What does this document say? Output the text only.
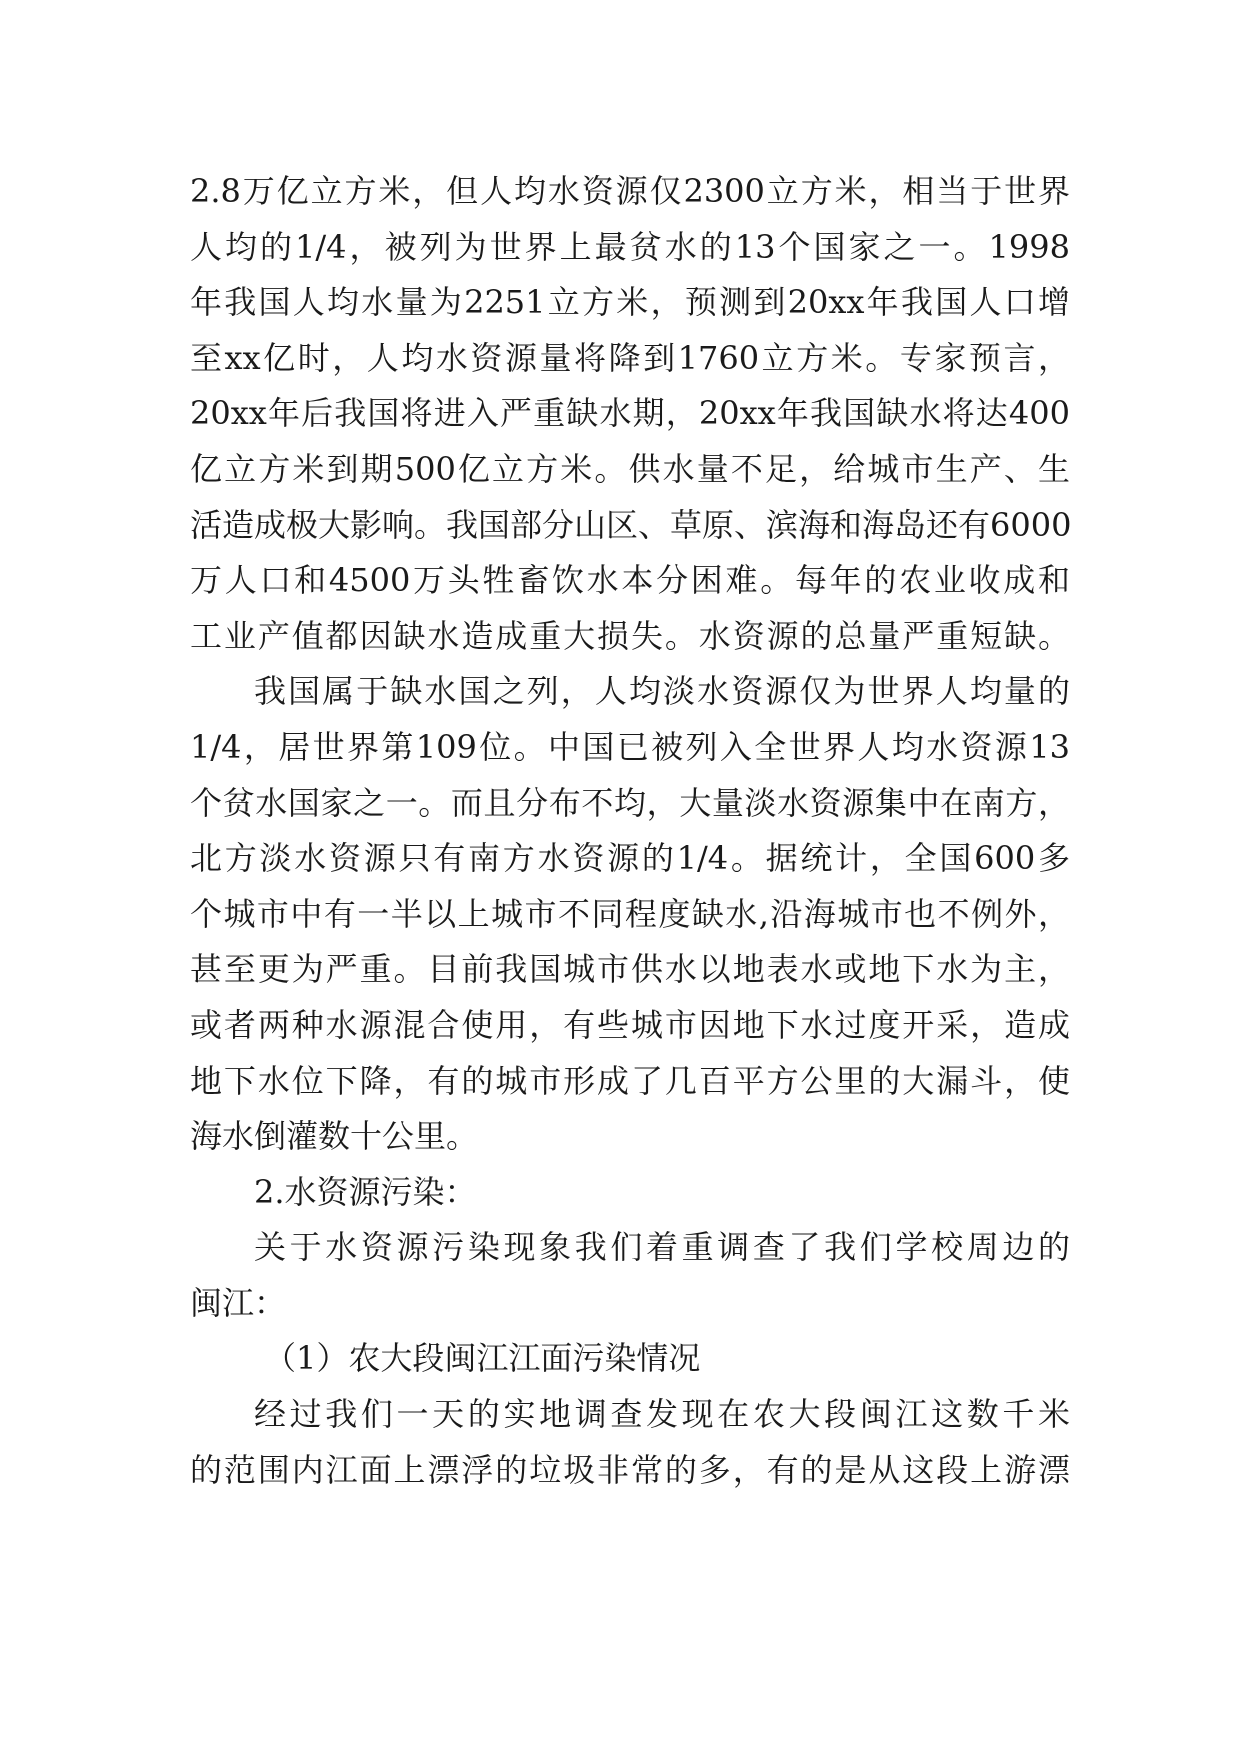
2.8万亿立方米，但人均水资源仅2300立方米，相当于世界
人均的1/4，被列为世界上最贫水的13个国家之一。1998
年我国人均水量为2251立方米，预测到20xx年我国人口增
至xx亿时，人均水资源量将降到1760立方米。专家预言，
20xx年后我国将进入严重缺水期，20xx年我国缺水将达400
亿立方米到期500亿立方米。供水量不足，给城市生产、生
活造成极大影响。我国部分山区、草原、滨海和海岛还有6000
万人口和4500万头牲畜饮水本分困难。每年的农业收成和
工业产值都因缺水造成重大损失。水资源的总量严重短缺。
我国属于缺水国之列，人均淡水资源仅为世界人均量的
1/4，居世界第109位。中国已被列入全世界人均水资源13
个贫水国家之一。而且分布不均，大量淡水资源集中在南方，
北方淡水资源只有南方水资源的1/4。据统计，全国600多
个城市中有一半以上城市不同程度缺水,沿海城市也不例外，
甚至更为严重。目前我国城市供水以地表水或地下水为主，
或者两种水源混合使用，有些城市因地下水过度开采，造成
地下水位下降，有的城市形成了几百平方公里的大漏斗，使
海水倒灌数十公里。
2.水资源污染：
关于水资源污染现象我们着重调查了我们学校周边的
闽江：
（1）农大段闽江江面污染情况
经过我们一天的实地调查发现在农大段闽江这数千米
的范围内江面上漂浮的垃圾非常的多，有的是从这段上游漂
